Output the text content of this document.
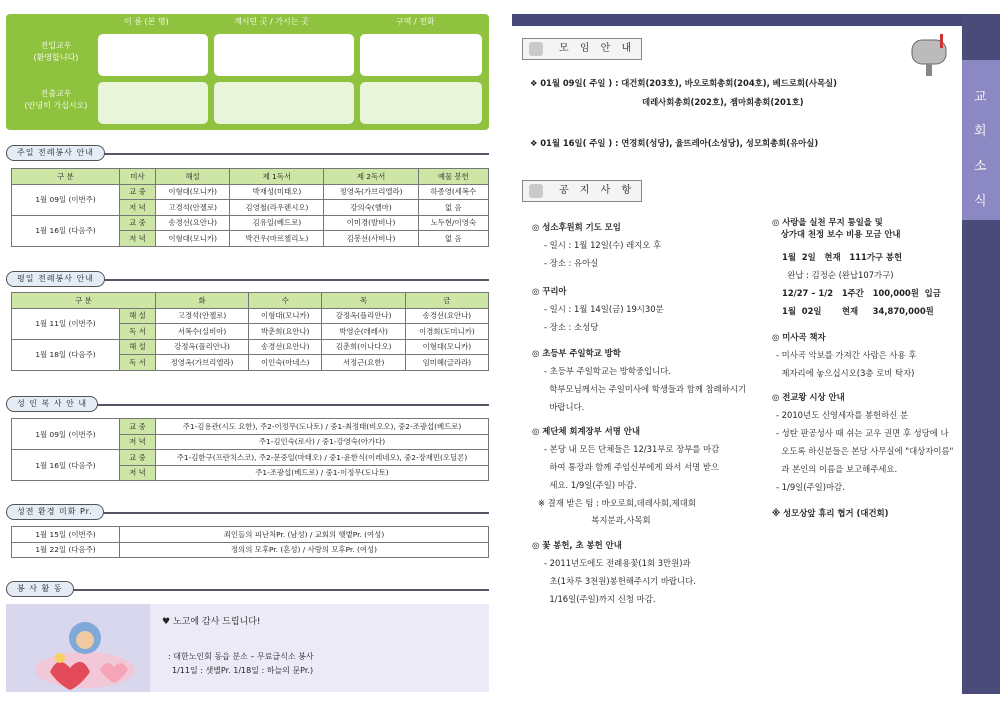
이 름 (본 명)	계시던 곳 / 가시는 곳	구역 / 전화
전입교우
(환영합니다)
전출교우
(안녕히 가십시오)
주일 전례봉사 안내
구 분	미사	해설	제 1독서	제 2독서	예물 봉헌
1월 09일 (이번주)	교 중	이형대(모니카)	박재성(미태오)	정영옥(가브리엘라)	하종영(세복수
	저 녁	고경석(안젤로)	김영철(라우렌시오)	강의숙(헬마)	없 음
1월 16일 (다음주)	교 중	송경선(요안나)	김유일(베드로)	이미경(발비나)	노두현/이영숙
	저 녁	이형대(모니카)	박건우(마르첼리노)	김봉선(사비나)	없 음
평일 전례봉사 안내
구 분		화	수	목	금
1월 11일 (이번주)	해 설	고경석(안젤로)	이형대(모니카)	강정옥(플리안나)	송경선(요안나)
	독 서	서복수(실비아)	박춘희(요안나)	박영순(데레사)	이경희(도미니카)
1월 18일 (다음주)	해 설	강정옥(플리안나)	송경선(요안나)	김춘희(이나다오)	이형대(모니카)
	독 서	정영옥(가브리엘라)	이인숙(아네스)	서정근(요한)	임미혜(글라라)
성 인 복 사 안 내
1월 09일 (이번주)	교 중	주1-김용관(시도 요한), 주2-이정무(도나토) / 중1-최정태(비오오), 중2-조광섭(베드로)
	저 녁	주1-김인숙(로사) / 중1-강영숙(아가다)
1월 16일 (다음주)	교 중	주1-김한구(프란치스코), 주2-문중일(마태오) / 중1-윤한식(이레네오), 중2-장재민(오딜론)
	저 녁	주1-조광섭(베드로) / 중1-이정무(도나토)
성전 환경 미화 Pr.
1월 15일 (이번주)	죄인들의 피난처Pr. (남성) / 교회의 햇볕Pr. (여성)
1월 22일 (다음주)	정의의 모후Pr. (혼성) / 사랑의 모후Pr. (여성)
봉 사 활 동
♥ 노고에 감사 드립니다!
: 대한노인회 동읍 분소 – 무료급식소 봉사
1/11일 : 샛별Pr. 1/18일 : 하늘의 문Pr.)
교
회
소
식
모 임 안 내
❖ 01월 09일( 주일 ) : 대건회(203호), 바오로회총회(204호), 베드로회(사목실)
데레사회총회(202호), 젬마회총회(201호)
❖ 01월 16일( 주일 ) : 연경회(성당), 율뜨레아(소성당), 성모회총회(유아실)
공 지 사 항
◎ 성소후원회 기도 모임
- 일시 : 1월 12일(수) 레지오 후
- 장소 : 유아실
◎ 꾸리아
- 일시 : 1월 14일(금) 19시30분
- 장소 : 소성당
◎ 초등부 주일학교 방학
- 초등부 주일학교는 방학중입니다.
학부모님께서는 주일미사에 학생들과 함께 참례하시기
바랍니다.
◎ 제단체 회계장부 서명 안내
- 본당 내 모든 단체들은 12/31부로 장부를 마감
하여 통장과 함께 주임신부에게 와서 서명 받으
세요. 1/9일(주일) 마감.
※ 결재 받은 팀 : 바오로회,데레사회,제대회
복지분과,사목회
◎ 꽃 봉헌, 초 봉헌 안내
- 2011년도에도 전례용꽃(1회 3만원)과
초(1차루 3천원)봉헌해주시기 바랍니다.
1/16일(주일)까지 신청 마감.
◎ 사랑을 실천 무지 통일을 및
상가대 천정 보수 비용 모금 안내
1월  2일   현재   111가구 봉헌
완납 : 김정순 (완납107가구)
12/27 – 1/2   1주간   100,000원  입금
1월  02일       현재     34,870,000원
◎ 미사곡 책자
- 미사곡 악보를 가져간 사람은 사용 후
제자리에 놓으십시오(3층 로비 탁자)
◎ 전교왕 시상 안내
- 2010년도 신영세자를 봉헌하신 분
- 성탄 판공성사 때 쉬는 교우 권면 후 성당에 나
오도록 하신분들은 본당 사무실에 "대상자이름"
과 본인의 이름을 보고해주세요.
- 1/9일(주일)마감.
※ 성모상앞 휴리 협거 (대건회)
